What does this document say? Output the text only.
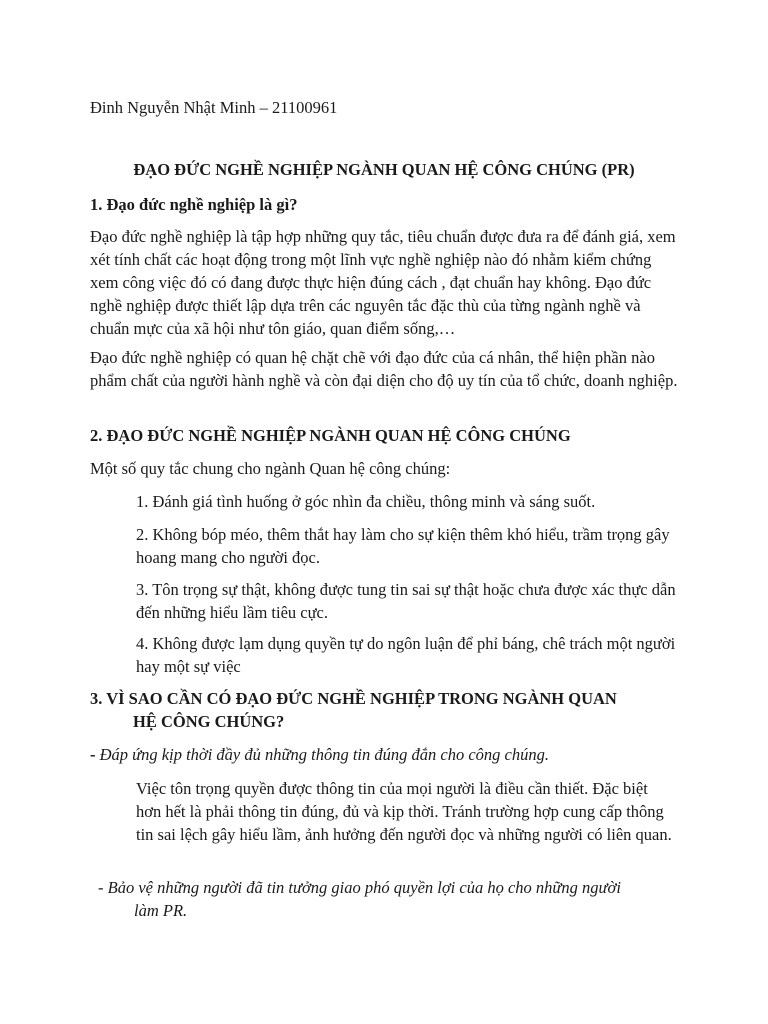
Đinh Nguyễn Nhật Minh – 21100961

ĐẠO ĐỨC NGHỀ NGHIỆP NGÀNH QUAN HỆ CÔNG CHÚNG (PR)

1. Đạo đức nghề nghiệp là gì?

Đạo đức nghề nghiệp là tập hợp những quy tắc, tiêu chuẩn được đưa ra để đánh giá, xem xét tính chất các hoạt động trong một lĩnh vực nghề nghiệp nào đó nhằm kiểm chứng xem công việc đó có đang được thực hiện đúng cách , đạt chuẩn hay không. Đạo đức nghề nghiệp được thiết lập dựa trên các nguyên tắc đặc thù của từng ngành nghề và chuẩn mực của xã hội như tôn giáo, quan điểm sống,…

Đạo đức nghề nghiệp có quan hệ chặt chẽ với đạo đức của cá nhân, thể hiện phần nào phẩm chất của người hành nghề và còn đại diện cho độ uy tín của tổ chức, doanh nghiệp.

2. ĐẠO ĐỨC NGHỀ NGHIỆP NGÀNH QUAN HỆ CÔNG CHÚNG

Một số quy tắc chung cho ngành Quan hệ công chúng:

1. Đánh giá tình huống ở góc nhìn đa chiều, thông minh và sáng suốt.

2. Không bóp méo, thêm thắt hay làm cho sự kiện thêm khó hiểu, trầm trọng gây hoang mang cho người đọc.

3. Tôn trọng sự thật, không được tung tin sai sự thật hoặc chưa được xác thực dẫn đến những hiểu lầm tiêu cực.

4. Không được lạm dụng quyền tự do ngôn luận để phỉ báng, chê trách một người hay một sự việc

3. VÌ SAO CẦN CÓ ĐẠO ĐỨC NGHỀ NGHIỆP TRONG NGÀNH QUAN
HỆ CÔNG CHÚNG?

- Đáp ứng kịp thời đầy đủ những thông tin đúng đắn cho công chúng.

Việc tôn trọng quyền được thông tin của mọi người là điều cần thiết. Đặc biệt hơn hết là phải thông tin đúng, đủ và kịp thời. Tránh trường hợp cung cấp thông tin sai lệch gây hiểu lầm, ảnh hưởng đến người đọc và những người có liên quan.

- Bảo vệ những người đã tin tưởng giao phó quyền lợi của họ cho những người
làm PR.
